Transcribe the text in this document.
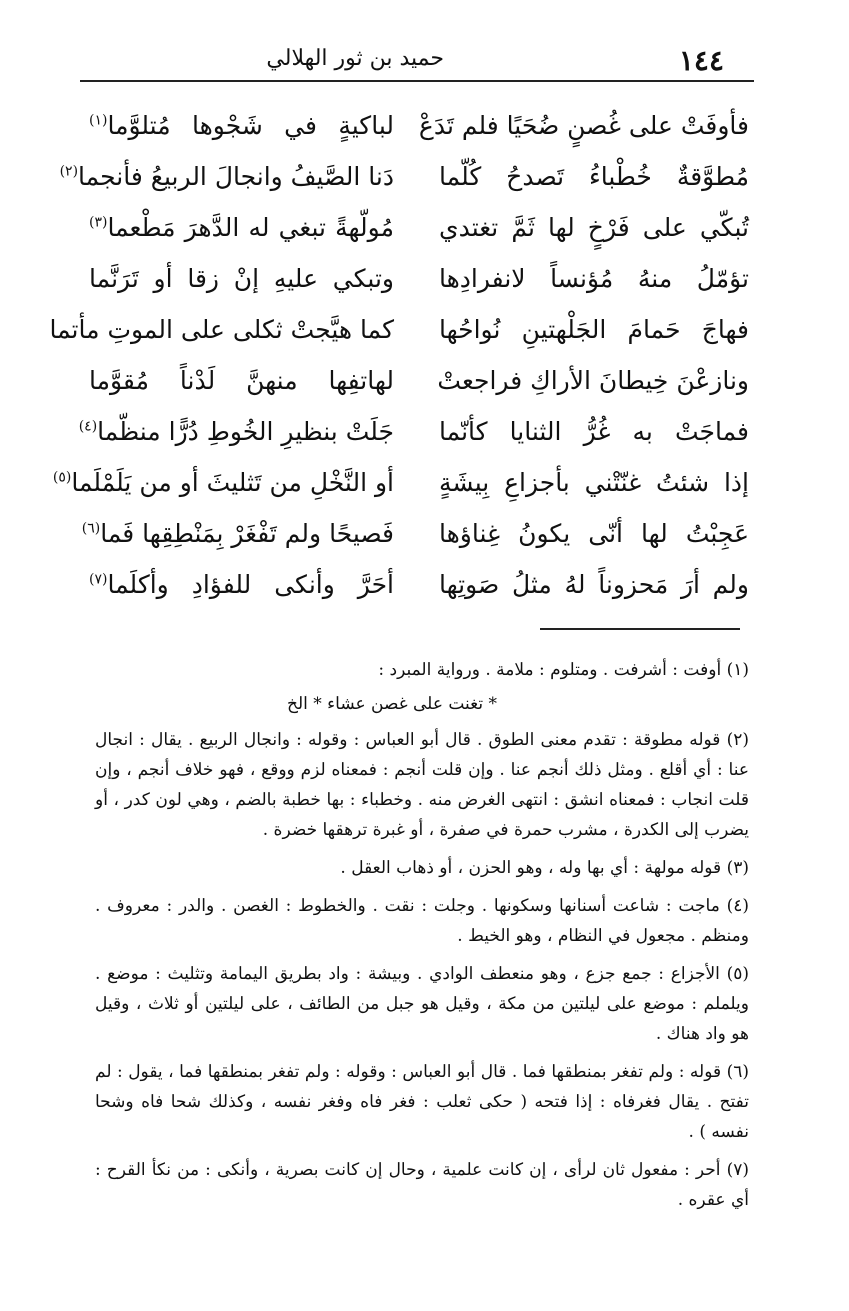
١٤٤
حميد بن ثور الهلالي
فأوفَتْ على غُصنٍ ضُحَيًا فلم تَدَعْ
لباكيةٍ في شَجْوها مُتلوَّما$^{(١)}$
مُطوَّقةٌ خُطْباءُ تَصدحُ كُلّما
دَنا الصَّيفُ وانجالَ الربيعُ فأنجما$^{(٢)}$
تُبكّي على فَرْخٍ لها ثَمَّ تغتدي
مُولّهةً تبغي له الدَّهرَ مَطْعما$^{(٣)}$
تؤمّلُ منهُ مُؤنساً لانفرادِها
وتبكي عليهِ إنْ زقا أو تَرَنَّما
فهاجَ حَمامَ الجَلْهتينِ نُواحُها
كما هيَّجتْ ثكلى على الموتِ مأتما
ونازعْنَ خِيطانَ الأراكِ فراجعتْ
لهاتفِها منهنَّ لَدْناً مُقوَّما
فماجَتْ به غُرُّ الثنايا كأنّما
جَلَتْ بنظيرِ الخُوطِ دُرًّا منظّما$^{(٤)}$
إذا شئتُ غنّتْني بأجزاعِ بِيشَةٍ
أو النَّخْلِ من تَثليثَ أو من يَلَمْلَما$^{(٥)}$
عَجِبْتُ لها أنّى يكونُ غِناؤها
فَصيحًا ولم تَفْغَرْ بِمَنْطِقِها فَما$^{(٦)}$
ولم أرَ مَحزوناً لهُ مثلُ صَوتِها
أحَرَّ وأنكى للفؤادِ وأكلَما$^{(٧)}$

(١) أوفت : أشرفت . ومتلوم : ملامة . ورواية المبرد :

* تغنت على غصن عشاء * الخ

(٢) قوله مطوقة : تقدم معنى الطوق . قال أبو العباس : وقوله : وانجال الربيع . يقال : انجال عنا : أي أقلع . ومثل ذلك أنجم عنا . وإن قلت أنجم : فمعناه لزم ووقع ، فهو خلاف أنجم ، وإن قلت انجاب : فمعناه انشق : انتهى الغرض منه . وخطباء : بها خطبة بالضم ، وهي لون كدر ، أو يضرب إلى الكدرة ، مشرب حمرة في صفرة ، أو غبرة ترهقها خضرة .

(٣) قوله مولهة : أي بها وله ، وهو الحزن ، أو ذهاب العقل .

(٤) ماجت : شاعت أسنانها وسكونها . وجلت : نقت . والخطوط : الغصن . والدر : معروف . ومنظم . مجعول في النظام ، وهو الخيط .

(٥) الأجزاع : جمع جزع ، وهو منعطف الوادي . وبيشة : واد بطريق اليمامة وتثليث : موضع . ويلملم : موضع على ليلتين من مكة ، وقيل هو جبل من الطائف ، على ليلتين أو ثلاث ، وقيل هو واد هناك .

(٦) قوله : ولم تفغر بمنطقها فما . قال أبو العباس : وقوله : ولم تفغر بمنطقها فما ، يقول : لم تفتح . يقال فغرفاه : إذا فتحه ( حكى ثعلب : فغر فاه وفغر نفسه ، وكذلك شحا فاه وشحا نفسه ) .

(٧) أحر : مفعول ثان لرأى ، إن كانت علمية ، وحال إن كانت بصرية ، وأنكى : من نكأ القرح : أي عقره .
